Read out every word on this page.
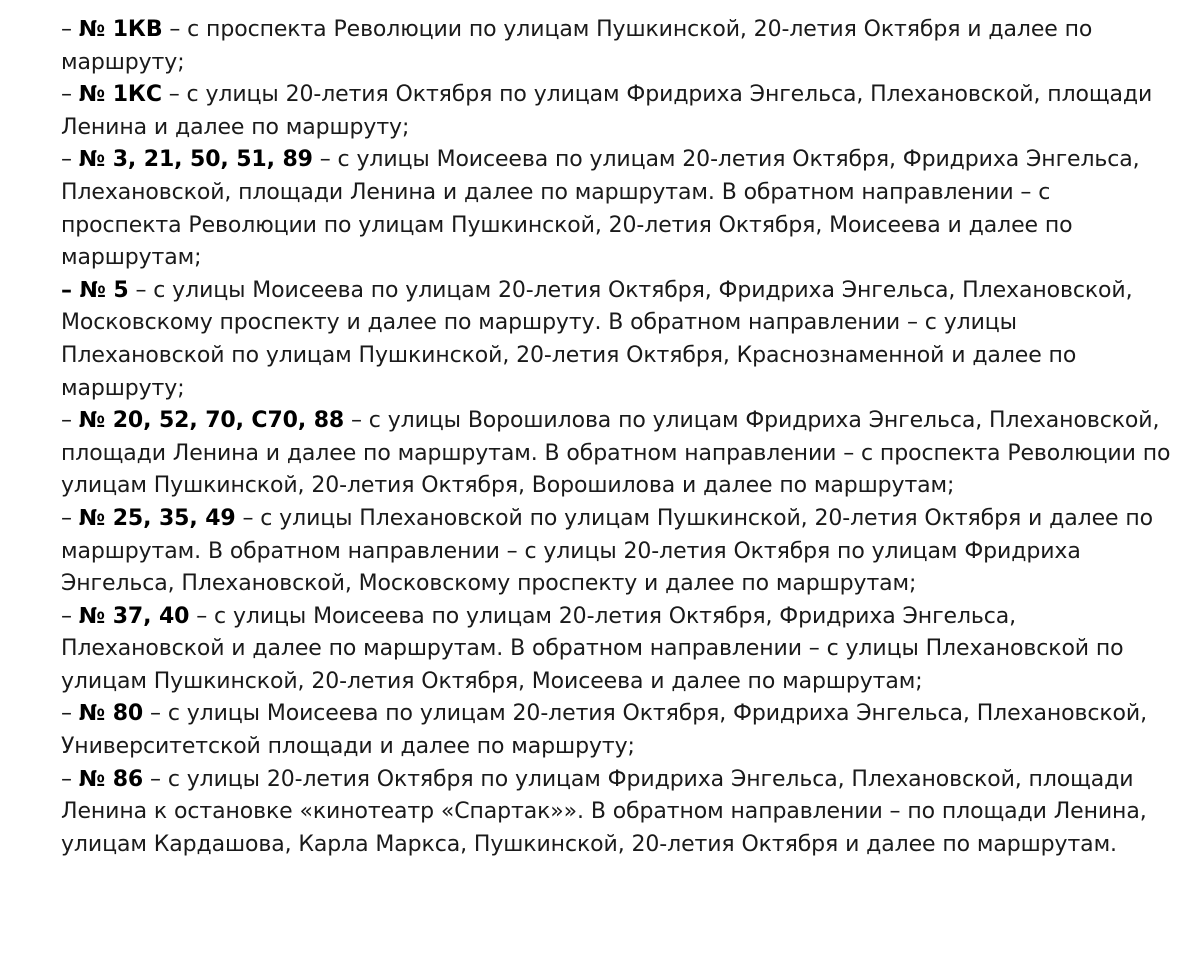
– № 1КВ – с проспекта Революции по улицам Пушкинской, 20-летия Октября и далее по маршруту;

– № 1КС – с улицы 20-летия Октября по улицам Фридриха Энгельса, Плехановской, площади Ленина и далее по маршруту;

– № 3, 21, 50, 51, 89 – с улицы Моисеева по улицам 20-летия Октября, Фридриха Энгельса, Плехановской, площади Ленина и далее по маршрутам. В обратном направлении – с проспекта Революции по улицам Пушкинской, 20-летия Октября, Моисеева и далее по маршрутам;

– № 5 – с улицы Моисеева по улицам 20-летия Октября, Фридриха Энгельса, Плехановской, Московскому проспекту и далее по маршруту. В обратном направлении – с улицы Плехановской по улицам Пушкинской, 20-летия Октября, Краснознаменной и далее по маршруту;

– № 20, 52, 70, С70, 88 – с улицы Ворошилова по улицам Фридриха Энгельса, Плехановской, площади Ленина и далее по маршрутам. В обратном направлении – с проспекта Революции по улицам Пушкинской, 20-летия Октября, Ворошилова и далее по маршрутам;

– № 25, 35, 49 – с улицы Плехановской по улицам Пушкинской, 20-летия Октября и далее по маршрутам. В обратном направлении – с улицы 20-летия Октября по улицам Фридриха Энгельса, Плехановской, Московскому проспекту и далее по маршрутам;

– № 37, 40 – с улицы Моисеева по улицам 20-летия Октября, Фридриха Энгельса, Плехановской и далее по маршрутам. В обратном направлении – с улицы Плехановской по улицам Пушкинской, 20-летия Октября, Моисеева и далее по маршрутам;

– № 80 – с улицы Моисеева по улицам 20-летия Октября, Фридриха Энгельса, Плехановской, Университетской площади и далее по маршруту;

– № 86 – с улицы 20-летия Октября по улицам Фридриха Энгельса, Плехановской, площади Ленина к остановке «кинотеатр «Спартак»». В обратном направлении – по площади Ленина, улицам Кардашова, Карла Маркса, Пушкинской, 20-летия Октября и далее по маршрутам.
